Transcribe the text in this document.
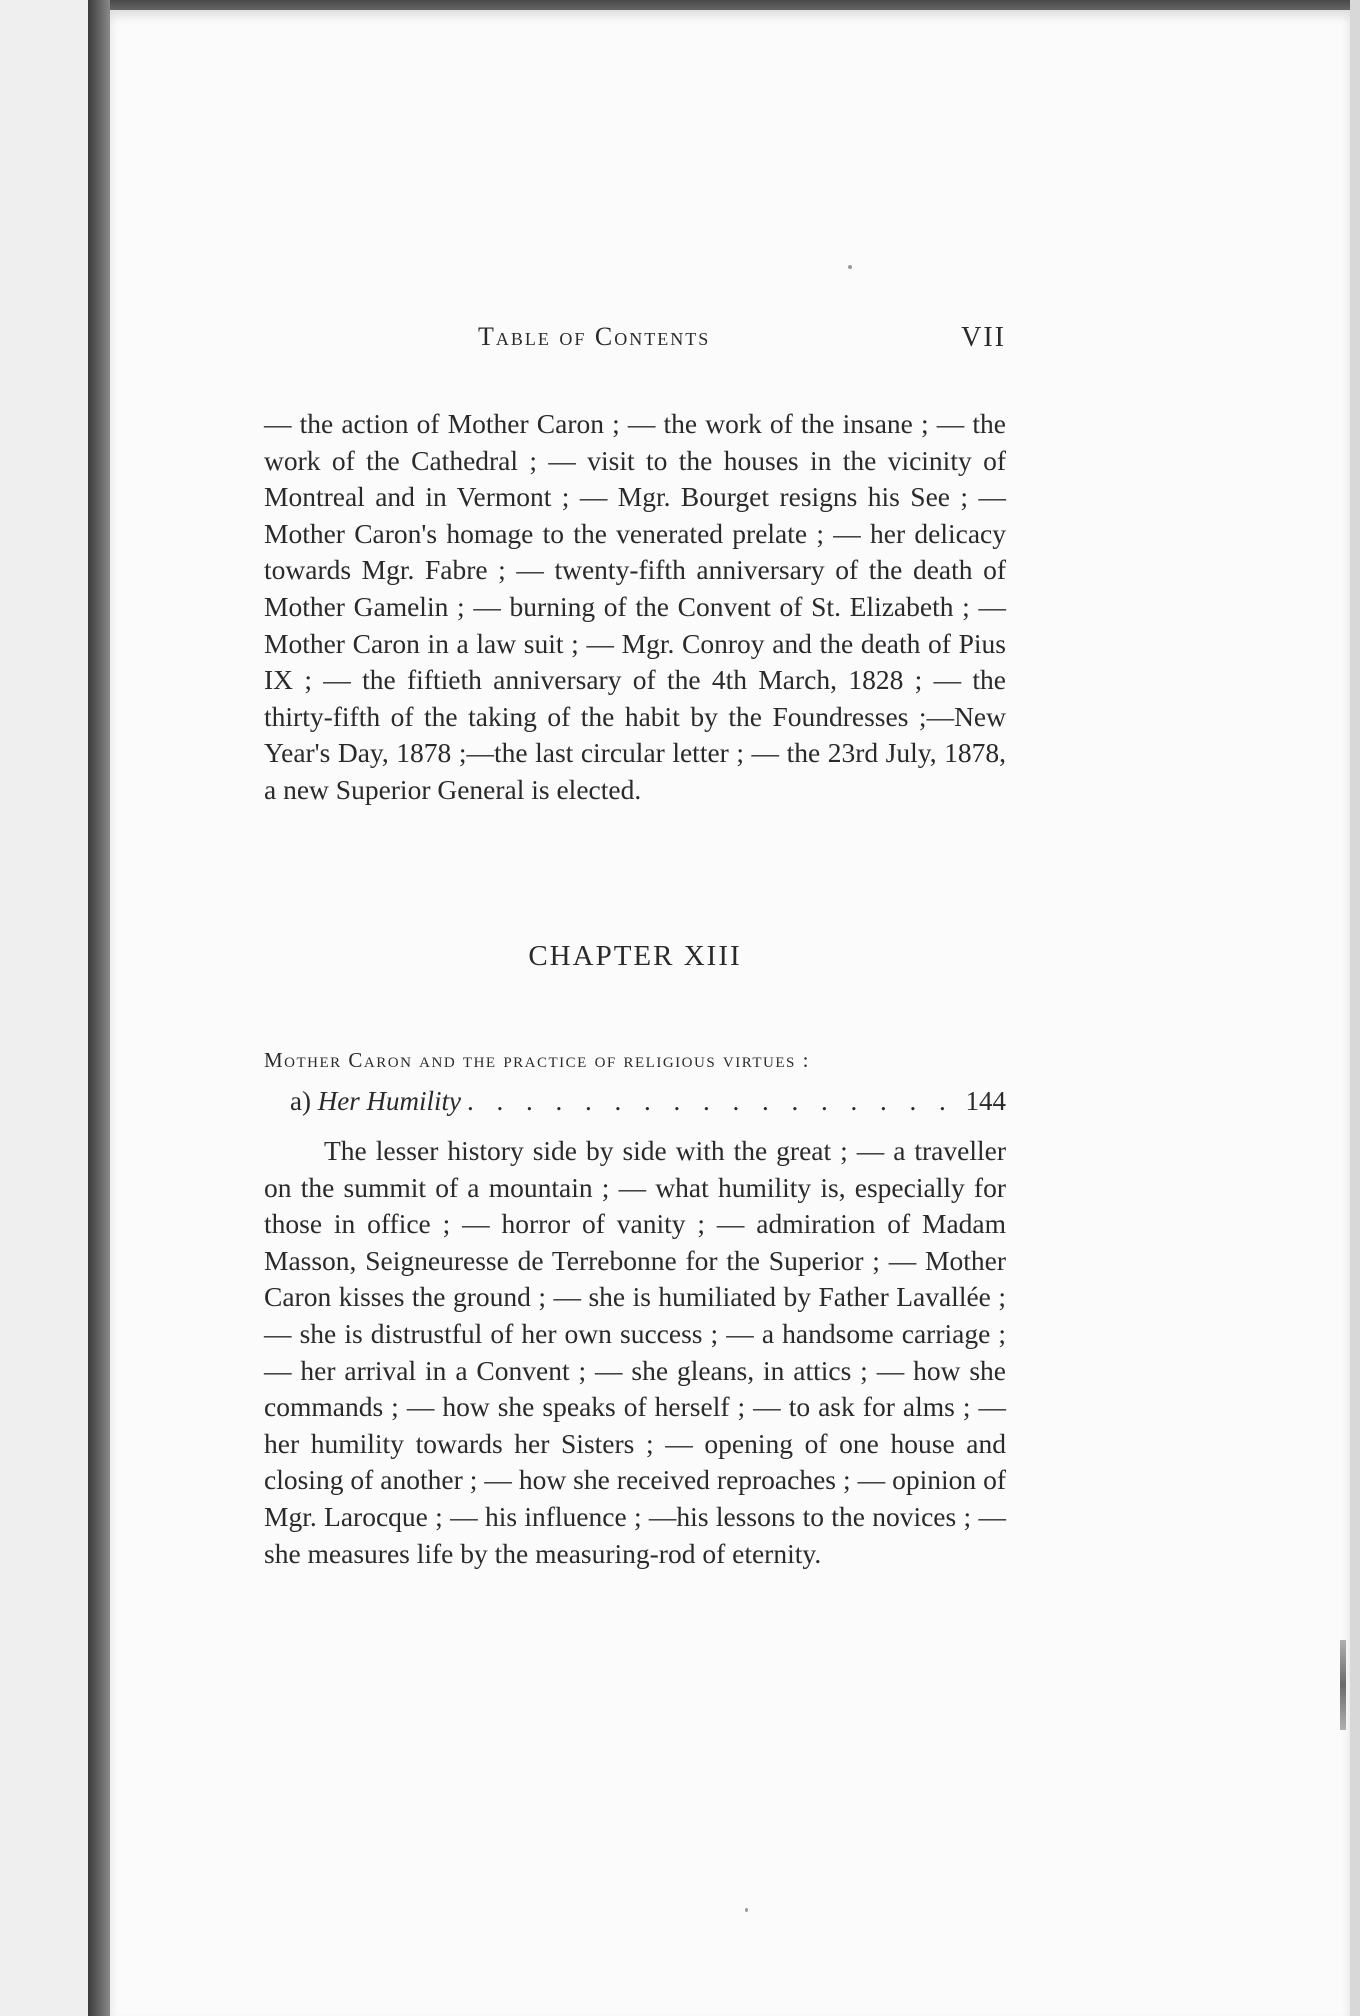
Table of Contents	VII

— the action of Mother Caron ; — the work of the insane ; — the work of the Cathedral ; — visit to the houses in the vicinity of Montreal and in Vermont ; — Mgr. Bourget resigns his See ; — Mother Caron's homage to the venerated prelate ; — her delicacy towards Mgr. Fabre ; — twenty-fifth anniversary of the death of Mother Gamelin ; — burning of the Convent of St. Elizabeth ; — Mother Caron in a law suit ; — Mgr. Conroy and the death of Pius IX ; — the fiftieth anniversary of the 4th March, 1828 ; — the thirty-fifth of the taking of the habit by the Foundresses ;—New Year's Day, 1878 ;—the last circular letter ; — the 23rd July, 1878, a new Superior General is elected.

CHAPTER XIII
Mother Caron and the practice of religious virtues :
a) Her Humility
. . .	144

The lesser history side by side with the great ; — a traveller on the summit of a mountain ; — what humility is, especially for those in office ; — horror of vanity ; — admiration of Madam Masson, Seigneuresse de Terrebonne for the Superior ; — Mother Caron kisses the ground ; — she is humiliated by Father Lavallée ;— she is distrustful of her own success ; — a handsome carriage ; — her arrival in a Convent ; — she gleans, in attics ; — how she commands ; — how she speaks of herself ; — to ask for alms ; — her humility towards her Sisters ; — opening of one house and closing of another ; — how she received reproaches ; — opinion of Mgr. Larocque ; — his influence ; —his lessons to the novices ; — she measures life by the measuring-rod of eternity.
